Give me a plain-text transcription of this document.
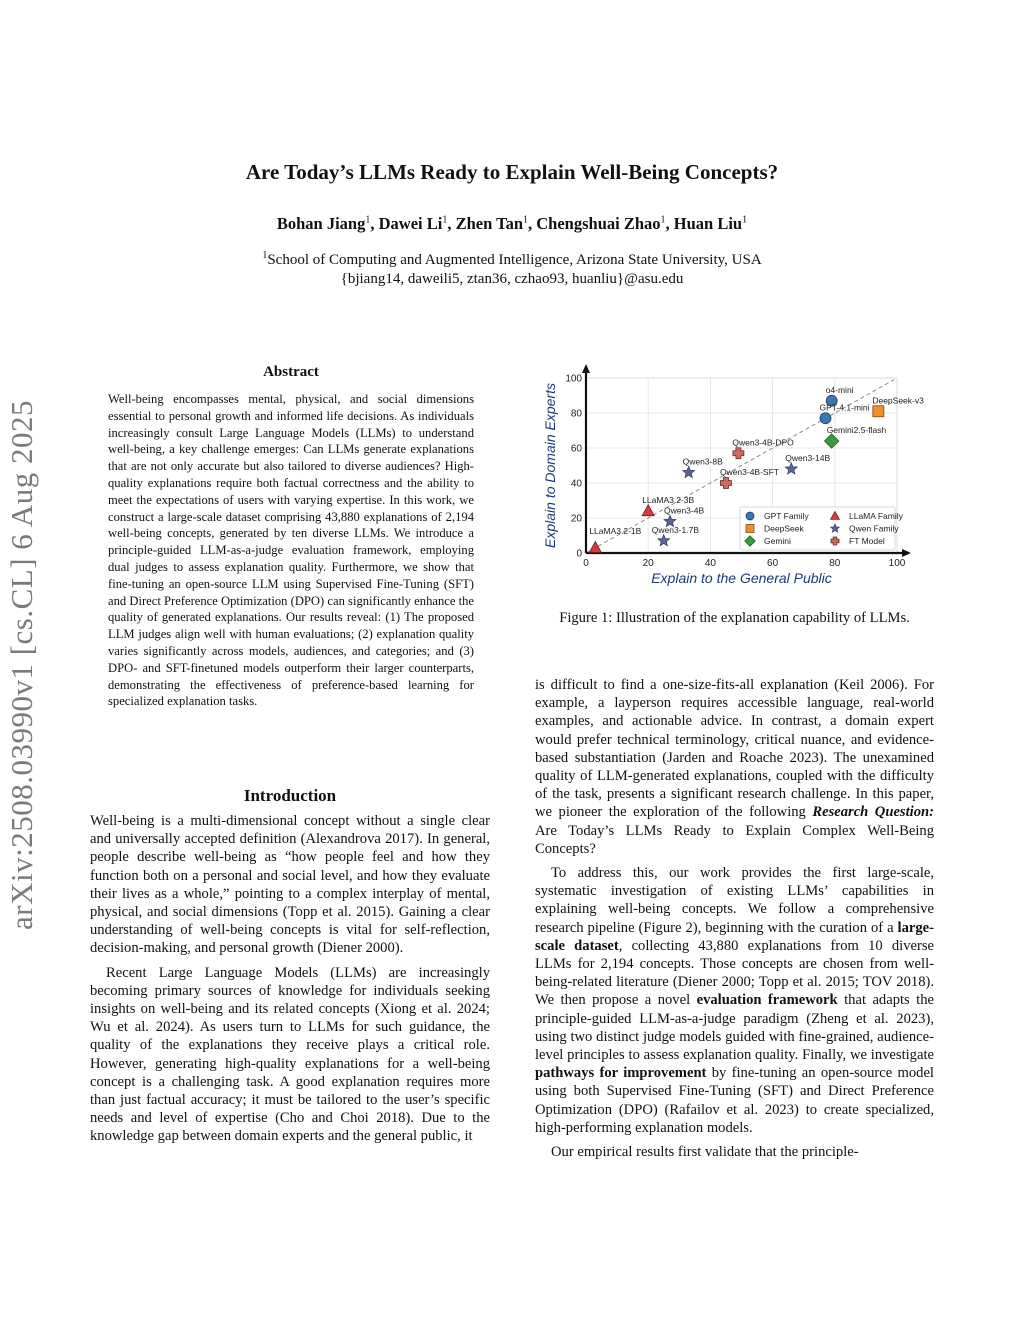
arXiv:2508.03990v1 [cs.CL] 6 Aug 2025
Are Today’s LLMs Ready to Explain Well-Being Concepts?
Bohan Jiang$^1$, Dawei Li$^1$, Zhen Tan$^1$, Chengshuai Zhao$^1$, Huan Liu$^1$
$^1$School of Computing and Augmented Intelligence, Arizona State University, USA
{bjiang14, daweili5, ztan36, czhao93, huanliu}@asu.edu
Abstract
Well-being encompasses mental, physical, and social dimensions essential to personal growth and informed life decisions. As individuals increasingly consult Large Language Models (LLMs) to understand well-being, a key challenge emerges: Can LLMs generate explanations that are not only accurate but also tailored to diverse audiences? High-quality explanations require both factual correctness and the ability to meet the expectations of users with varying expertise. In this work, we construct a large-scale dataset comprising 43,880 explanations of 2,194 well-being concepts, generated by ten diverse LLMs. We introduce a principle-guided LLM-as-a-judge evaluation framework, employing dual judges to assess explanation quality. Furthermore, we show that fine-tuning an open-source LLM using Supervised Fine-Tuning (SFT) and Direct Preference Optimization (DPO) can significantly enhance the quality of generated explanations. Our results reveal: (1) The proposed LLM judges align well with human evaluations; (2) explanation quality varies significantly across models, audiences, and categories; and (3) DPO- and SFT-finetuned models outperform their larger counterparts, demonstrating the effectiveness of preference-based learning for specialized explanation tasks.
Introduction

Well-being is a multi-dimensional concept without a single clear and universally accepted definition (Alexandrova 2017). In general, people describe well-being as “how people feel and how they function both on a personal and social level, and how they evaluate their lives as a whole,” pointing to a complex interplay of mental, physical, and social dimensions (Topp et al. 2015). Gaining a clear understanding of well-being concepts is vital for self-reflection, decision-making, and personal growth (Diener 2000).

Recent Large Language Models (LLMs) are increasingly becoming primary sources of knowledge for individuals seeking insights on well-being and its related concepts (Xiong et al. 2024; Wu et al. 2024). As users turn to LLMs for such guidance, the quality of the explanations they receive plays a critical role. However, generating high-quality explanations for a well-being concept is a challenging task. A good explanation requires more than just factual accuracy; it must be tailored to the user’s specific needs and level of expertise (Cho and Choi 2018). Due to the knowledge gap between domain experts and the general public, it

0	20	40	60	80	100
0
20
40
60
80
100
Explain to the General Public
Explain to Domain Experts	o4-mini
GPT-4.1-mini
DeepSeek-v3
Gemini2.5-flash
LLaMA3.2-1B
LLaMA3.2-3B
Qwen3-8B	Qwen3-14B
Qwen3-4B
Qwen3-1.7B
Qwen3-4B-DPO
Qwen3-4B-SFT
GPT Family
DeepSeek
Gemini
LLaMA Family
Qwen Family
FT Model
Figure 1: Illustration of the explanation capability of LLMs.

is difficult to find a one-size-fits-all explanation (Keil 2006). For example, a layperson requires accessible language, real-world examples, and actionable advice. In contrast, a domain expert would prefer technical terminology, critical nuance, and evidence-based substantiation (Jarden and Roache 2023). The unexamined quality of LLM-generated explanations, coupled with the difficulty of the task, presents a significant research challenge. In this paper, we pioneer the exploration of the following Research Question: Are Today’s LLMs Ready to Explain Complex Well-Being Concepts?

To address this, our work provides the first large-scale, systematic investigation of existing LLMs’ capabilities in explaining well-being concepts. We follow a comprehensive research pipeline (Figure 2), beginning with the curation of a large-scale dataset, collecting 43,880 explanations from 10 diverse LLMs for 2,194 concepts. Those concepts are chosen from well-being-related literature (Diener 2000; Topp et al. 2015; TOV 2018). We then propose a novel evaluation framework that adapts the principle-guided LLM-as-a-judge paradigm (Zheng et al. 2023), using two distinct judge models guided with fine-grained, audience-level principles to assess explanation quality. Finally, we investigate pathways for improvement by fine-tuning an open-source model using both Supervised Fine-Tuning (SFT) and Direct Preference Optimization (DPO) (Rafailov et al. 2023) to create specialized, high-performing explanation models.

Our empirical results first validate that the principle-
